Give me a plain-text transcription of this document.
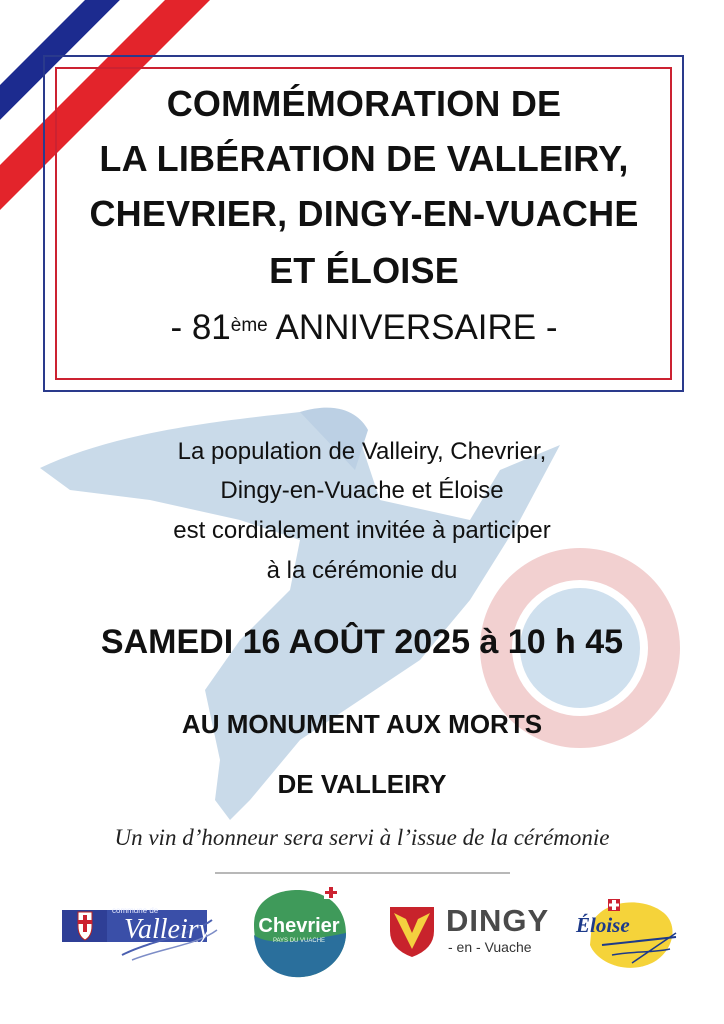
COMMÉMORATION DE
LA LIBÉRATION DE VALLEIRY,
CHEVRIER, DINGY-EN-VUACHE
ET ÉLOISE
- 81ème ANNIVERSAIRE -
La population de Valleiry, Chevrier,
Dingy-en-Vuache et Éloise
est cordialement invitée à participer
à la cérémonie du
SAMEDI 16 AOÛT 2025 à 10 h 45
AU MONUMENT AUX MORTS
DE VALLEIRY
Un vin d’honneur sera servi à l’issue de la cérémonie
commune de
Valleiry	Chevrier
PAYS DU VUACHE
DINGY
- en - Vuache
Éloise
